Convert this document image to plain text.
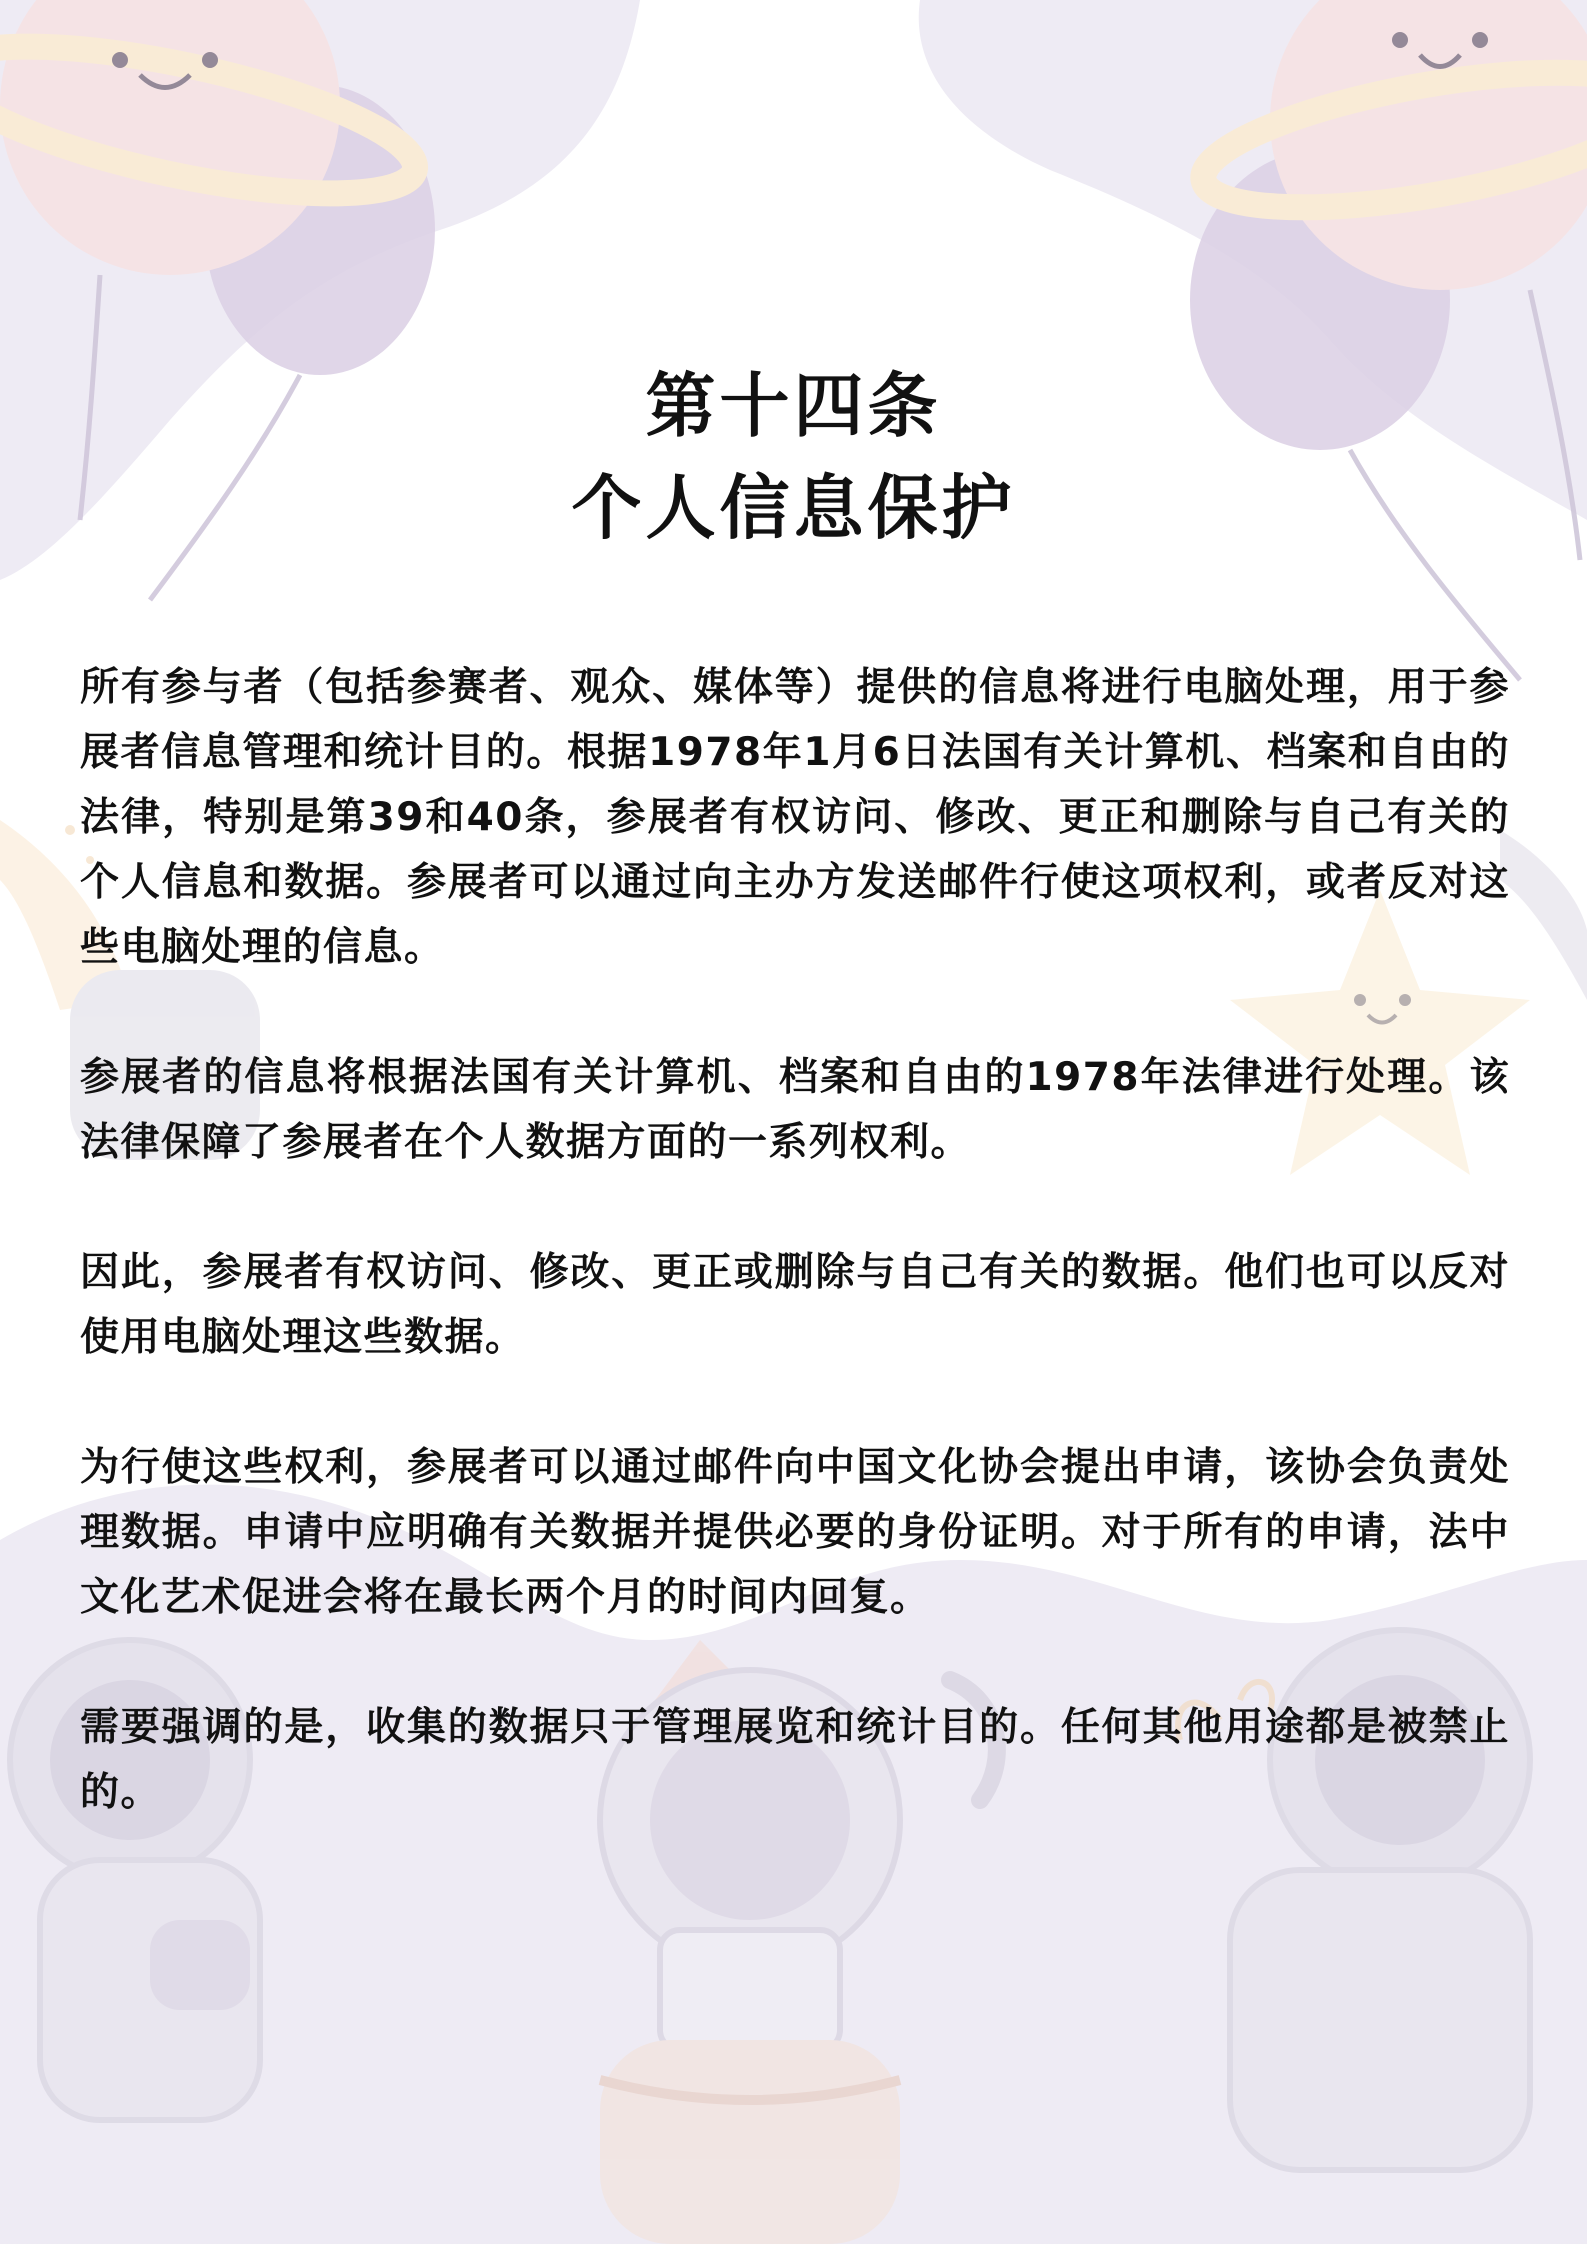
第十四条
个人信息保护

所有参与者（包括参赛者、观众、媒体等）提供的信息将进行电脑处理，用于参展者信息管理和统计目的。根据1978年1月6日法国有关计算机、档案和自由的法律，特别是第39和40条，参展者有权访问、修改、更正和删除与自己有关的个人信息和数据。参展者可以通过向主办方发送邮件行使这项权利，或者反对这些电脑处理的信息。

参展者的信息将根据法国有关计算机、档案和自由的1978年法律进行处理。该法律保障了参展者在个人数据方面的一系列权利。

因此，参展者有权访问、修改、更正或删除与自己有关的数据。他们也可以反对使用电脑处理这些数据。

为行使这些权利，参展者可以通过邮件向中国文化协会提出申请，该协会负责处理数据。申请中应明确有关数据并提供必要的身份证明。对于所有的申请，法中文化艺术促进会将在最长两个月的时间内回复。

需要强调的是，收集的数据只于管理展览和统计目的。任何其他用途都是被禁止的。
